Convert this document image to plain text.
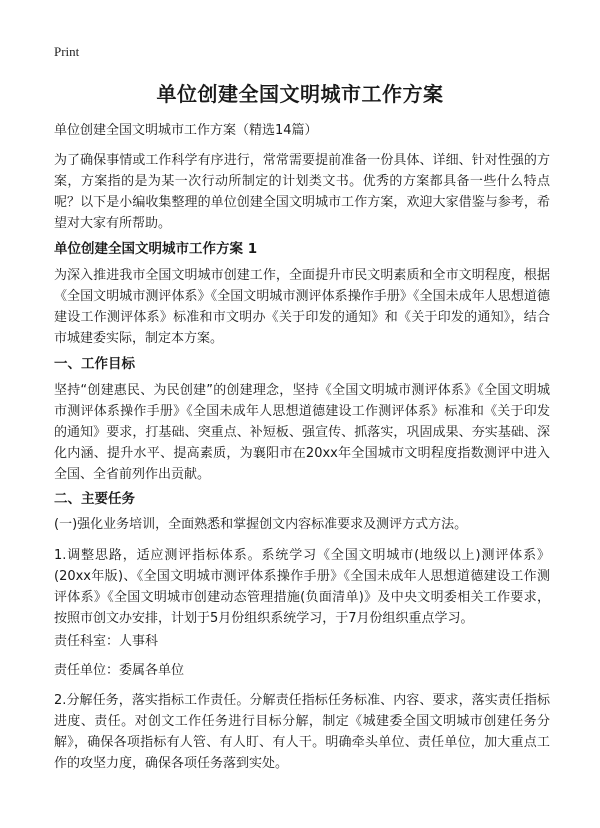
Print
单位创建全国文明城市工作方案

单位创建全国文明城市工作方案（精选14篇）

为了确保事情或工作科学有序进行，常常需要提前准备一份具体、详细、针对性强的方案，方案指的是为某一次行动所制定的计划类文书。优秀的方案都具备一些什么特点呢？以下是小编收集整理的单位创建全国文明城市工作方案，欢迎大家借鉴与参考，希望对大家有所帮助。

单位创建全国文明城市工作方案 1

为深入推进我市全国文明城市创建工作，全面提升市民文明素质和全市文明程度，根据《全国文明城市测评体系》《全国文明城市测评体系操作手册》《全国未成年人思想道德建设工作测评体系》标准和市文明办《关于印发的通知》和《关于印发的通知》，结合市城建委实际，制定本方案。

一、工作目标

坚持“创建惠民、为民创建”的创建理念，坚持《全国文明城市测评体系》《全国文明城市测评体系操作手册》《全国未成年人思想道德建设工作测评体系》标准和《关于印发的通知》要求，打基础、突重点、补短板、强宣传、抓落实，巩固成果、夯实基础、深化内涵、提升水平、提高素质，为襄阳市在20xx年全国城市文明程度指数测评中进入全国、全省前列作出贡献。

二、主要任务

(一)强化业务培训，全面熟悉和掌握创文内容标准要求及测评方式方法。

1.调整思路，适应测评指标体系。系统学习《全国文明城市(地级以上)测评体系》(20xx年版)、《全国文明城市测评体系操作手册》《全国未成年人思想道德建设工作测评体系》《全国文明城市创建动态管理措施(负面清单)》及中央文明委相关工作要求，按照市创文办安排，计划于5月份组织系统学习，于7月份组织重点学习。

责任科室：人事科

责任单位：委属各单位

2.分解任务，落实指标工作责任。分解责任指标任务标准、内容、要求，落实责任指标进度、责任。对创文工作任务进行目标分解，制定《城建委全国文明城市创建任务分解》，确保各项指标有人管、有人盯、有人干。明确牵头单位、责任单位，加大重点工作的攻坚力度，确保各项任务落到实处。
